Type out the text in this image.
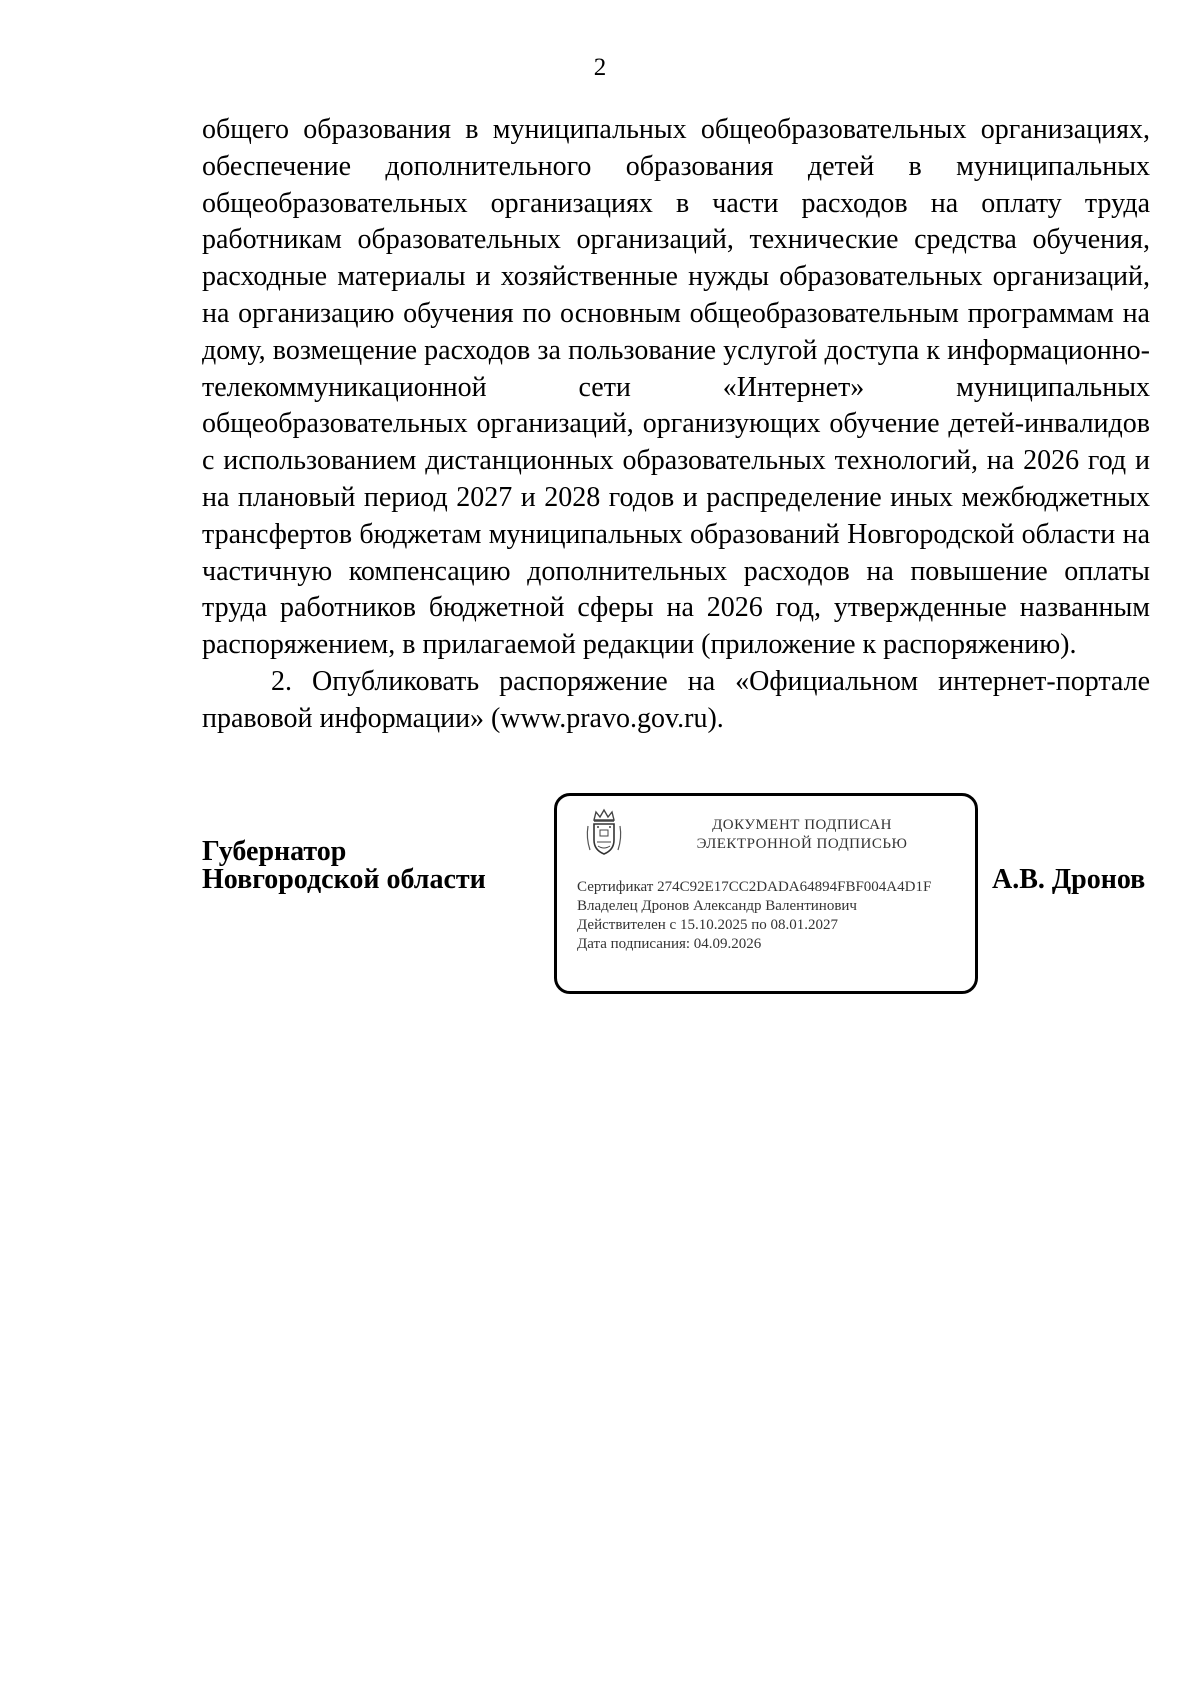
2

общего образования в муниципальных общеобразовательных организациях, обеспечение дополнительного образования детей в муниципальных общеобразовательных организациях в части расходов на оплату труда работникам образовательных организаций, технические средства обучения, расходные материалы и хозяйственные нужды образовательных организаций, на организацию обучения по основным общеобразовательным программам на дому, возмещение расходов за пользование услугой доступа к информационно-телекоммуникационной сети «Интернет» муниципальных общеобразовательных организаций, организующих обучение детей-инвалидов с использованием дистанционных образовательных технологий, на 2026 год и на плановый период 2027 и 2028 годов и распределение иных межбюджетных трансфертов бюджетам муниципальных образований Новгородской области на частичную компенсацию дополнительных расходов на повышение оплаты труда работников бюджетной сферы на 2026 год, утвержденные названным распоряжением, в прилагаемой редакции (приложение к распоряжению).

2. Опубликовать распоряжение на «Официальном интернет-портале правовой информации» (www.pravo.gov.ru).

Губернатор
Новгородской области
ДОКУМЕНТ ПОДПИСАН
ЭЛЕКТРОННОЙ ПОДПИСЬЮ
Сертификат 274C92E17CC2DADA64894FBF004A4D1F
Владелец Дронов Александр Валентинович
Действителен с 15.10.2025 по 08.01.2027
Дата подписания: 04.09.2026
А.В. Дронов
